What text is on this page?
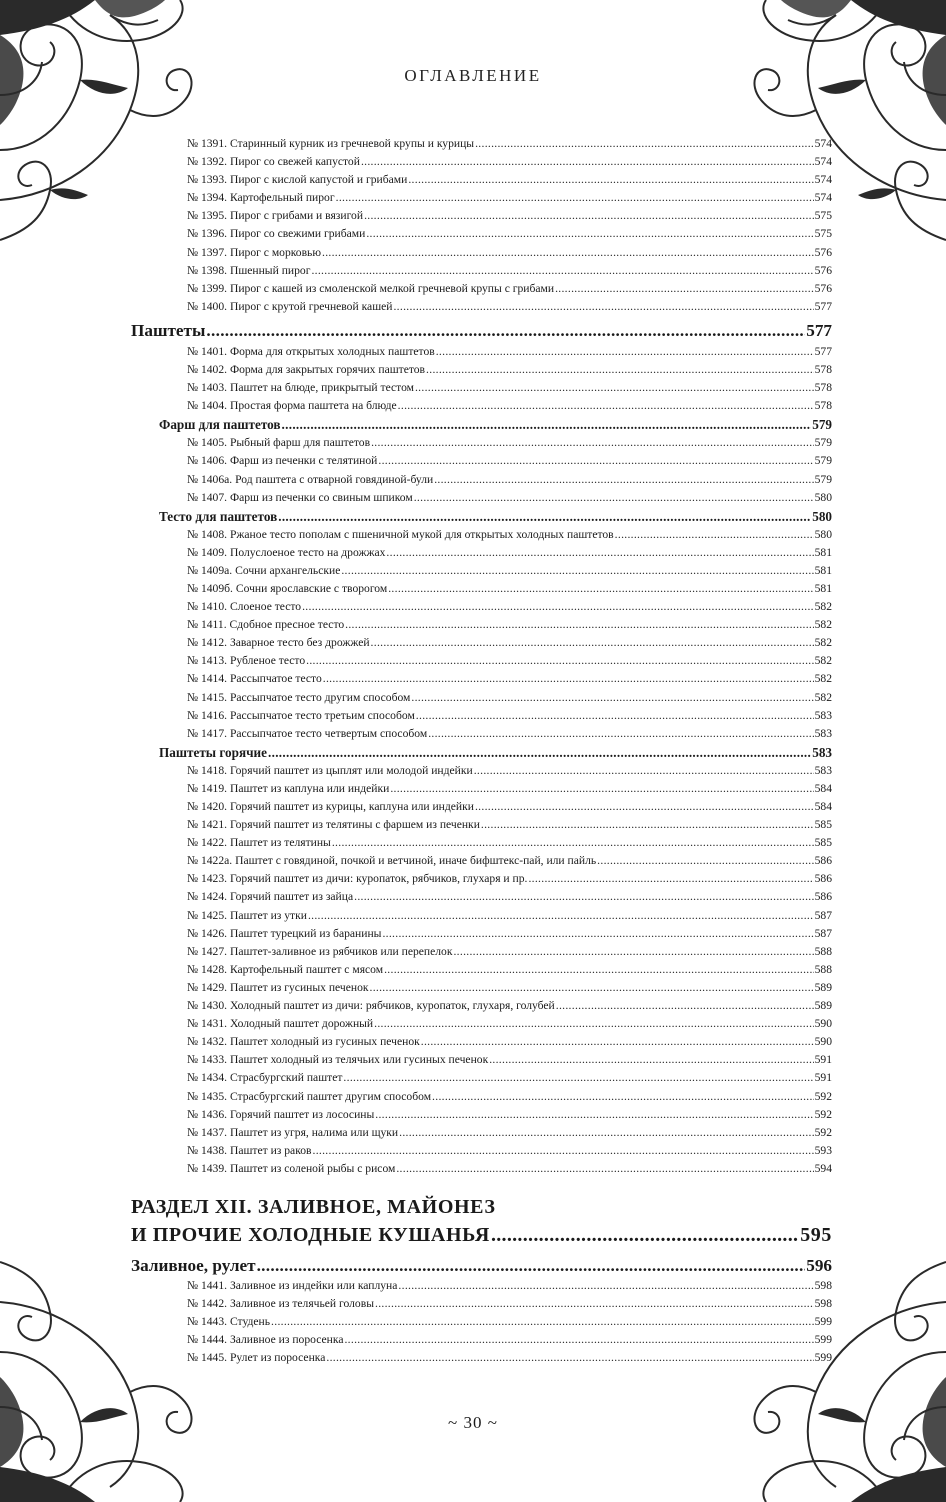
ОГЛАВЛЕНИЕ
№ 1391. Старинный курник из гречневой крупы и курицы .....	574
№ 1392. Пирог со свежей капустой .....	574
№ 1393. Пирог с кислой капустой и грибами .....	574
№ 1394. Картофельный пирог .....	574
№ 1395. Пирог с грибами и вязигой .....	575
№ 1396. Пирог со свежими грибами .....	575
№ 1397. Пирог с морковью .....	576
№ 1398. Пшенный пирог .....	576
№ 1399. Пирог с кашей из смоленской мелкой гречневой крупы с грибами .....	576
№ 1400. Пирог с крутой гречневой кашей .....	577
Паштеты .....	577
№ 1401. Форма для открытых холодных паштетов .....	577
№ 1402. Форма для закрытых горячих паштетов .....	578
№ 1403. Паштет на блюде, прикрытый тестом .....	578
№ 1404. Простая форма паштета на блюде .....	578
Фарш для паштетов .....	579
№ 1405. Рыбный фарш для паштетов .....	579
№ 1406. Фарш из печенки с телятиной .....	579
№ 1406а. Род паштета с отварной говядиной-були .....	579
№ 1407. Фарш из печенки со свиным шпиком .....	580
Тесто для паштетов .....	580
№ 1408. Ржаное тесто пополам с пшеничной мукой для открытых холодных паштетов .....	580
№ 1409. Полуслоеное тесто на дрожжах .....	581
№ 1409а. Сочни архангельские .....	581
№ 1409б. Сочни ярославские с творогом .....	581
№ 1410. Слоеное тесто .....	582
№ 1411. Сдобное пресное тесто .....	582
№ 1412. Заварное тесто без дрожжей .....	582
№ 1413. Рубленое тесто .....	582
№ 1414. Рассыпчатое тесто .....	582
№ 1415. Рассыпчатое тесто другим способом .....	582
№ 1416. Рассыпчатое тесто третьим способом .....	583
№ 1417. Рассыпчатое тесто четвертым способом .....	583
Паштеты горячие .....	583
№ 1418. Горячий паштет из цыплят или молодой индейки .....	583
№ 1419. Паштет из каплуна или индейки .....	584
№ 1420. Горячий паштет из курицы, каплуна или индейки .....	584
№ 1421. Горячий паштет из телятины с фаршем из печенки .....	585
№ 1422. Паштет из телятины .....	585
№ 1422а. Паштет с говядиной, почкой и ветчиной, иначе бифштекс-пай, или пайль .....	586
№ 1423. Горячий паштет из дичи: куропаток, рябчиков, глухаря и пр. .....	586
№ 1424. Горячий паштет из зайца .....	586
№ 1425. Паштет из утки .....	587
№ 1426. Паштет турецкий из баранины .....	587
№ 1427. Паштет-заливное из рябчиков или перепелок .....	588
№ 1428. Картофельный паштет с мясом .....	588
№ 1429. Паштет из гусиных печенок .....	589
№ 1430. Холодный паштет из дичи: рябчиков, куропаток, глухаря, голубей .....	589
№ 1431. Холодный паштет дорожный .....	590
№ 1432. Паштет холодный из гусиных печенок .....	590
№ 1433. Паштет холодный из телячьих или гусиных печенок .....	591
№ 1434. Страсбургский паштет .....	591
№ 1435. Страсбургский паштет другим способом .....	592
№ 1436. Горячий паштет из лососины .....	592
№ 1437. Паштет из угря, налима или щуки .....	592
№ 1438. Паштет из раков .....	593
№ 1439. Паштет из соленой рыбы с рисом .....	594
РАЗДЕЛ XII. ЗАЛИВНОЕ, МАЙОНЕЗ
И ПРОЧИЕ ХОЛОДНЫЕ КУШАНЬЯ .....	595
Заливное, рулет .....	596
№ 1441. Заливное из индейки или каплуна .....	598
№ 1442. Заливное из телячьей головы .....	598
№ 1443. Студень .....	599
№ 1444. Заливное из поросенка .....	599
№ 1445. Рулет из поросенка .....	599
~ 30 ~
